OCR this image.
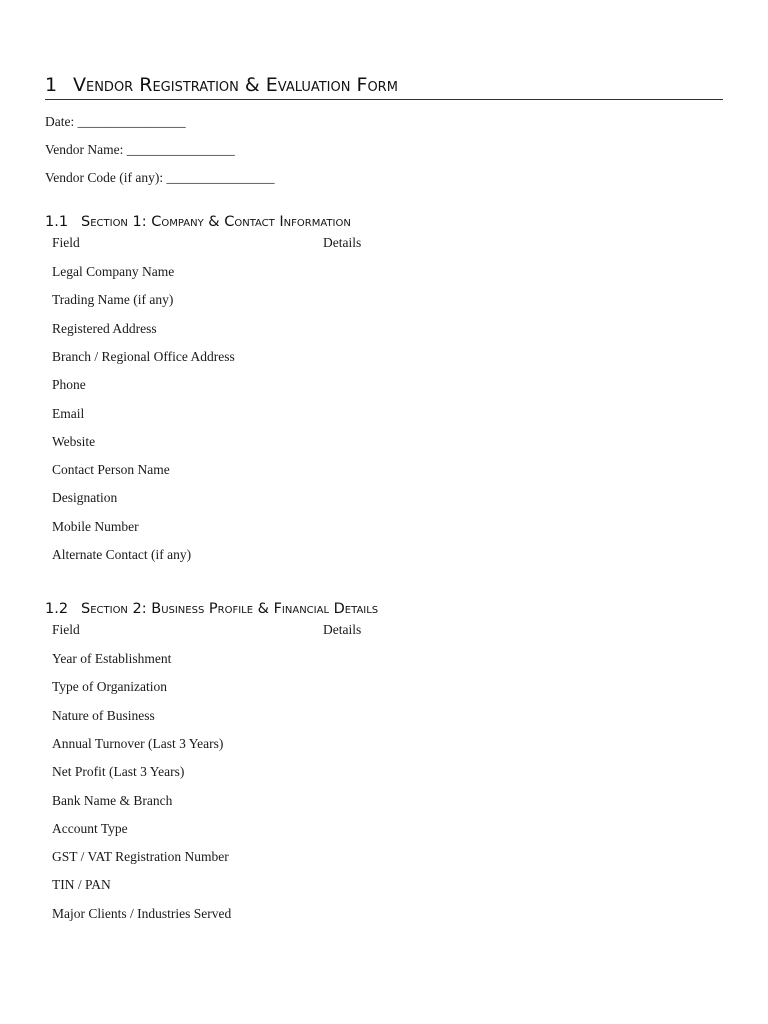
1 Vendor Registration & Evaluation Form
Date: ________________
Vendor Name: ________________
Vendor Code (if any): ________________
1.1 Section 1: Company & Contact Information
Field	Details
Legal Company Name
Trading Name (if any)
Registered Address
Branch / Regional Office Address
Phone
Email
Website
Contact Person Name
Designation
Mobile Number
Alternate Contact (if any)
1.2 Section 2: Business Profile & Financial Details
Field	Details
Year of Establishment
Type of Organization
Nature of Business
Annual Turnover (Last 3 Years)
Net Profit (Last 3 Years)
Bank Name & Branch
Account Type
GST / VAT Registration Number
TIN / PAN
Major Clients / Industries Served
